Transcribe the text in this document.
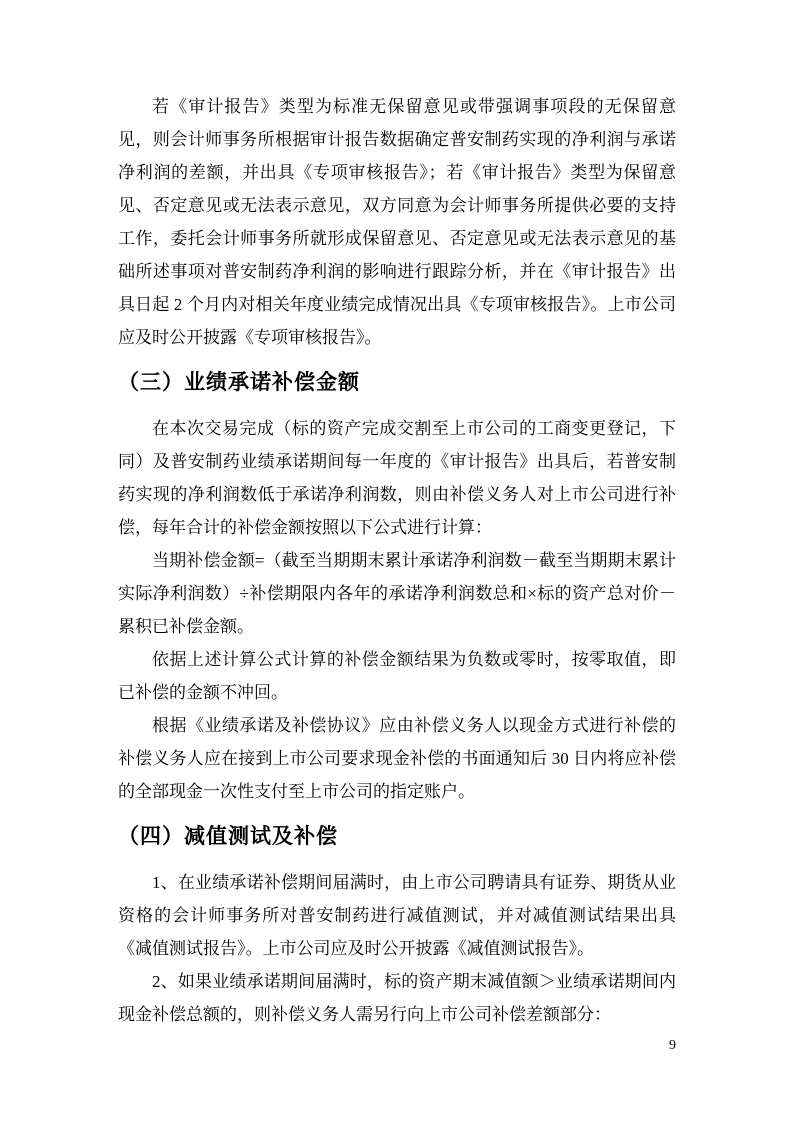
若《审计报告》类型为标准无保留意见或带强调事项段的无保留意见，则会计师事务所根据审计报告数据确定普安制药实现的净利润与承诺净利润的差额，并出具《专项审核报告》；若《审计报告》类型为保留意见、否定意见或无法表示意见，双方同意为会计师事务所提供必要的支持工作，委托会计师事务所就形成保留意见、否定意见或无法表示意见的基础所述事项对普安制药净利润的影响进行跟踪分析，并在《审计报告》出具日起 2 个月内对相关年度业绩完成情况出具《专项审核报告》。上市公司应及时公开披露《专项审核报告》。

（三）业绩承诺补偿金额

在本次交易完成（标的资产完成交割至上市公司的工商变更登记，下同）及普安制药业绩承诺期间每一年度的《审计报告》出具后，若普安制药实现的净利润数低于承诺净利润数，则由补偿义务人对上市公司进行补偿，每年合计的补偿金额按照以下公式进行计算：

当期补偿金额=（截至当期期末累计承诺净利润数－截至当期期末累计实际净利润数）÷补偿期限内各年的承诺净利润数总和×标的资产总对价－累积已补偿金额。

依据上述计算公式计算的补偿金额结果为负数或零时，按零取值，即已补偿的金额不冲回。

根据《业绩承诺及补偿协议》应由补偿义务人以现金方式进行补偿的补偿义务人应在接到上市公司要求现金补偿的书面通知后 30 日内将应补偿的全部现金一次性支付至上市公司的指定账户。

（四）减值测试及补偿

1、在业绩承诺补偿期间届满时，由上市公司聘请具有证券、期货从业资格的会计师事务所对普安制药进行减值测试，并对减值测试结果出具《减值测试报告》。上市公司应及时公开披露《减值测试报告》。

2、如果业绩承诺期间届满时，标的资产期末减值额＞业绩承诺期间内现金补偿总额的，则补偿义务人需另行向上市公司补偿差额部分：

9
